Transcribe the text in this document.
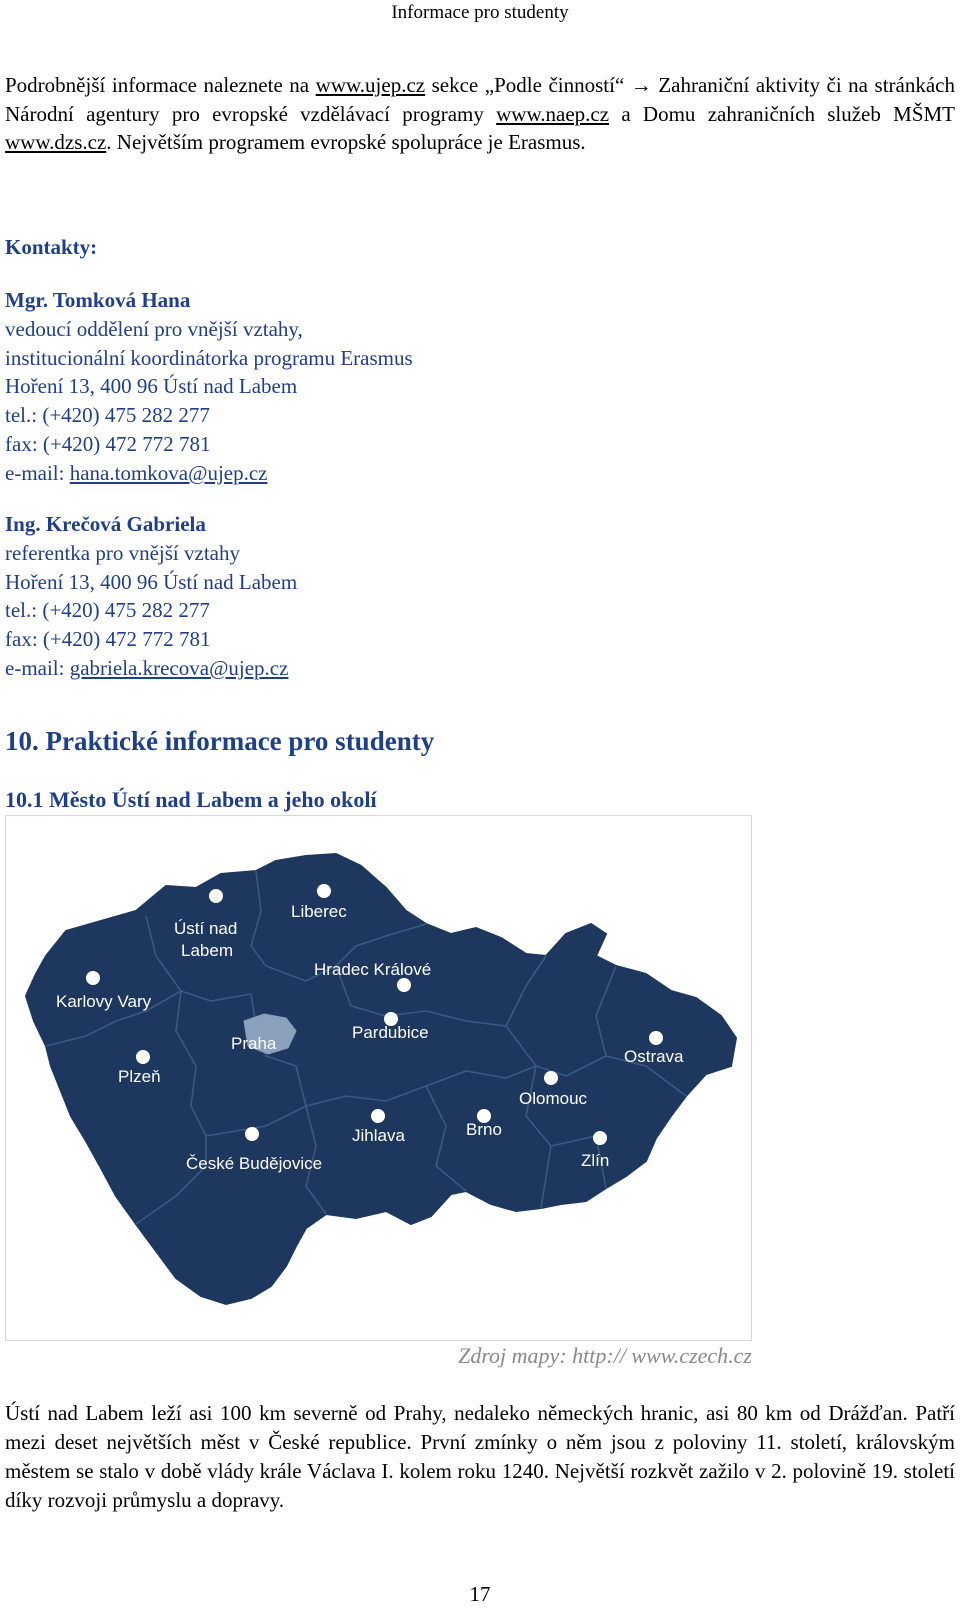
Informace pro studenty

Podrobnější informace naleznete na www.ujep.cz sekce „Podle činností“ → Zahraniční aktivity či na stránkách Národní agentury pro evropské vzdělávací programy www.naep.cz a Domu zahraničních služeb MŠMT www.dzs.cz. Největším programem evropské spolupráce je Erasmus.

Kontakty:
Mgr. Tomková Hana
vedoucí oddělení pro vnější vztahy,
institucionální koordinátorka programu Erasmus
Hoření 13, 400 96 Ústí nad Labem
tel.: (+420) 475 282 277
fax: (+420) 472 772 781
e-mail: hana.tomkova@ujep.cz
Ing. Krečová Gabriela
referentka pro vnější vztahy
Hoření 13, 400 96 Ústí nad Labem
tel.: (+420) 475 282 277
fax: (+420) 472 772 781
e-mail: gabriela.krecova@ujep.cz
10. Praktické informace pro studenty
10.1 Město Ústí nad Labem a jeho okolí
Ústí nad
Labem
Liberec
Hradec Králové
Karlovy Vary
Praha
Pardubice
Ostrava
Plzeň
Olomouc
Brno
Jihlava
Zlín
České Budějovice
Zdroj mapy: http:// www.czech.cz

Ústí nad Labem leží asi 100 km severně od Prahy, nedaleko německých hranic, asi 80 km od Drážďan. Patří mezi deset největších měst v České republice. První zmínky o něm jsou z poloviny 11. století, královským městem se stalo v době vlády krále Václava I. kolem roku 1240. Největší rozkvět zažilo v 2. polovině 19. století díky rozvoji průmyslu a dopravy.

17
